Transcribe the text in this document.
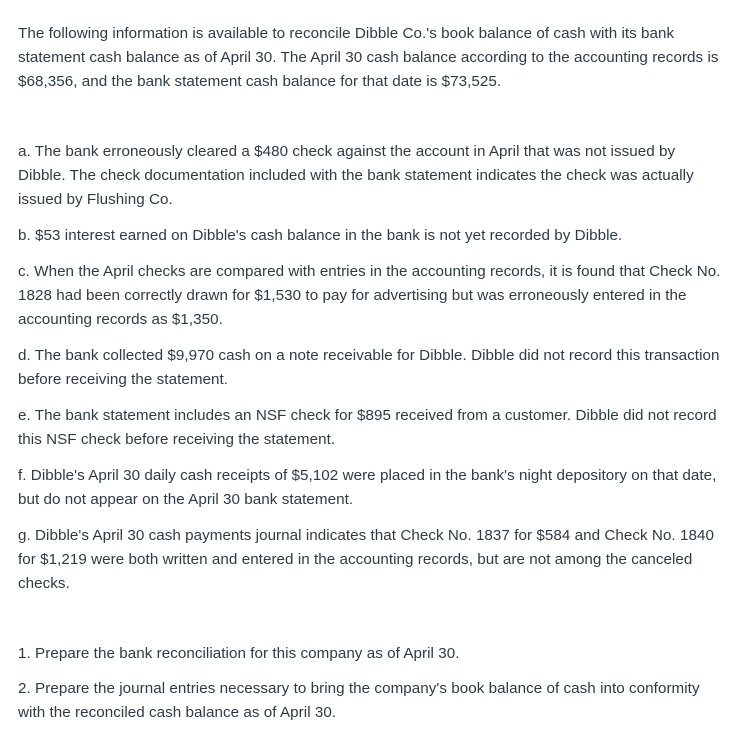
The following information is available to reconcile Dibble Co.'s book balance of cash with its bank statement cash balance as of April 30. The April 30 cash balance according to the accounting records is $68,356, and the bank statement cash balance for that date is $73,525.

a. The bank erroneously cleared a $480 check against the account in April that was not issued by Dibble. The check documentation included with the bank statement indicates the check was actually issued by Flushing Co.

b. $53 interest earned on Dibble's cash balance in the bank is not yet recorded by Dibble.

c. When the April checks are compared with entries in the accounting records, it is found that Check No. 1828 had been correctly drawn for $1,530 to pay for advertising but was erroneously entered in the accounting records as $1,350.

d. The bank collected $9,970 cash on a note receivable for Dibble. Dibble did not record this transaction before receiving the statement.

e. The bank statement includes an NSF check for $895 received from a customer. Dibble did not record this NSF check before receiving the statement.

f. Dibble's April 30 daily cash receipts of $5,102 were placed in the bank's night depository on that date, but do not appear on the April 30 bank statement.

g. Dibble's April 30 cash payments journal indicates that Check No. 1837 for $584 and Check No. 1840 for $1,219 were both written and entered in the accounting records, but are not among the canceled checks.

1. Prepare the bank reconciliation for this company as of April 30.

2. Prepare the journal entries necessary to bring the company's book balance of cash into conformity with the reconciled cash balance as of April 30.
